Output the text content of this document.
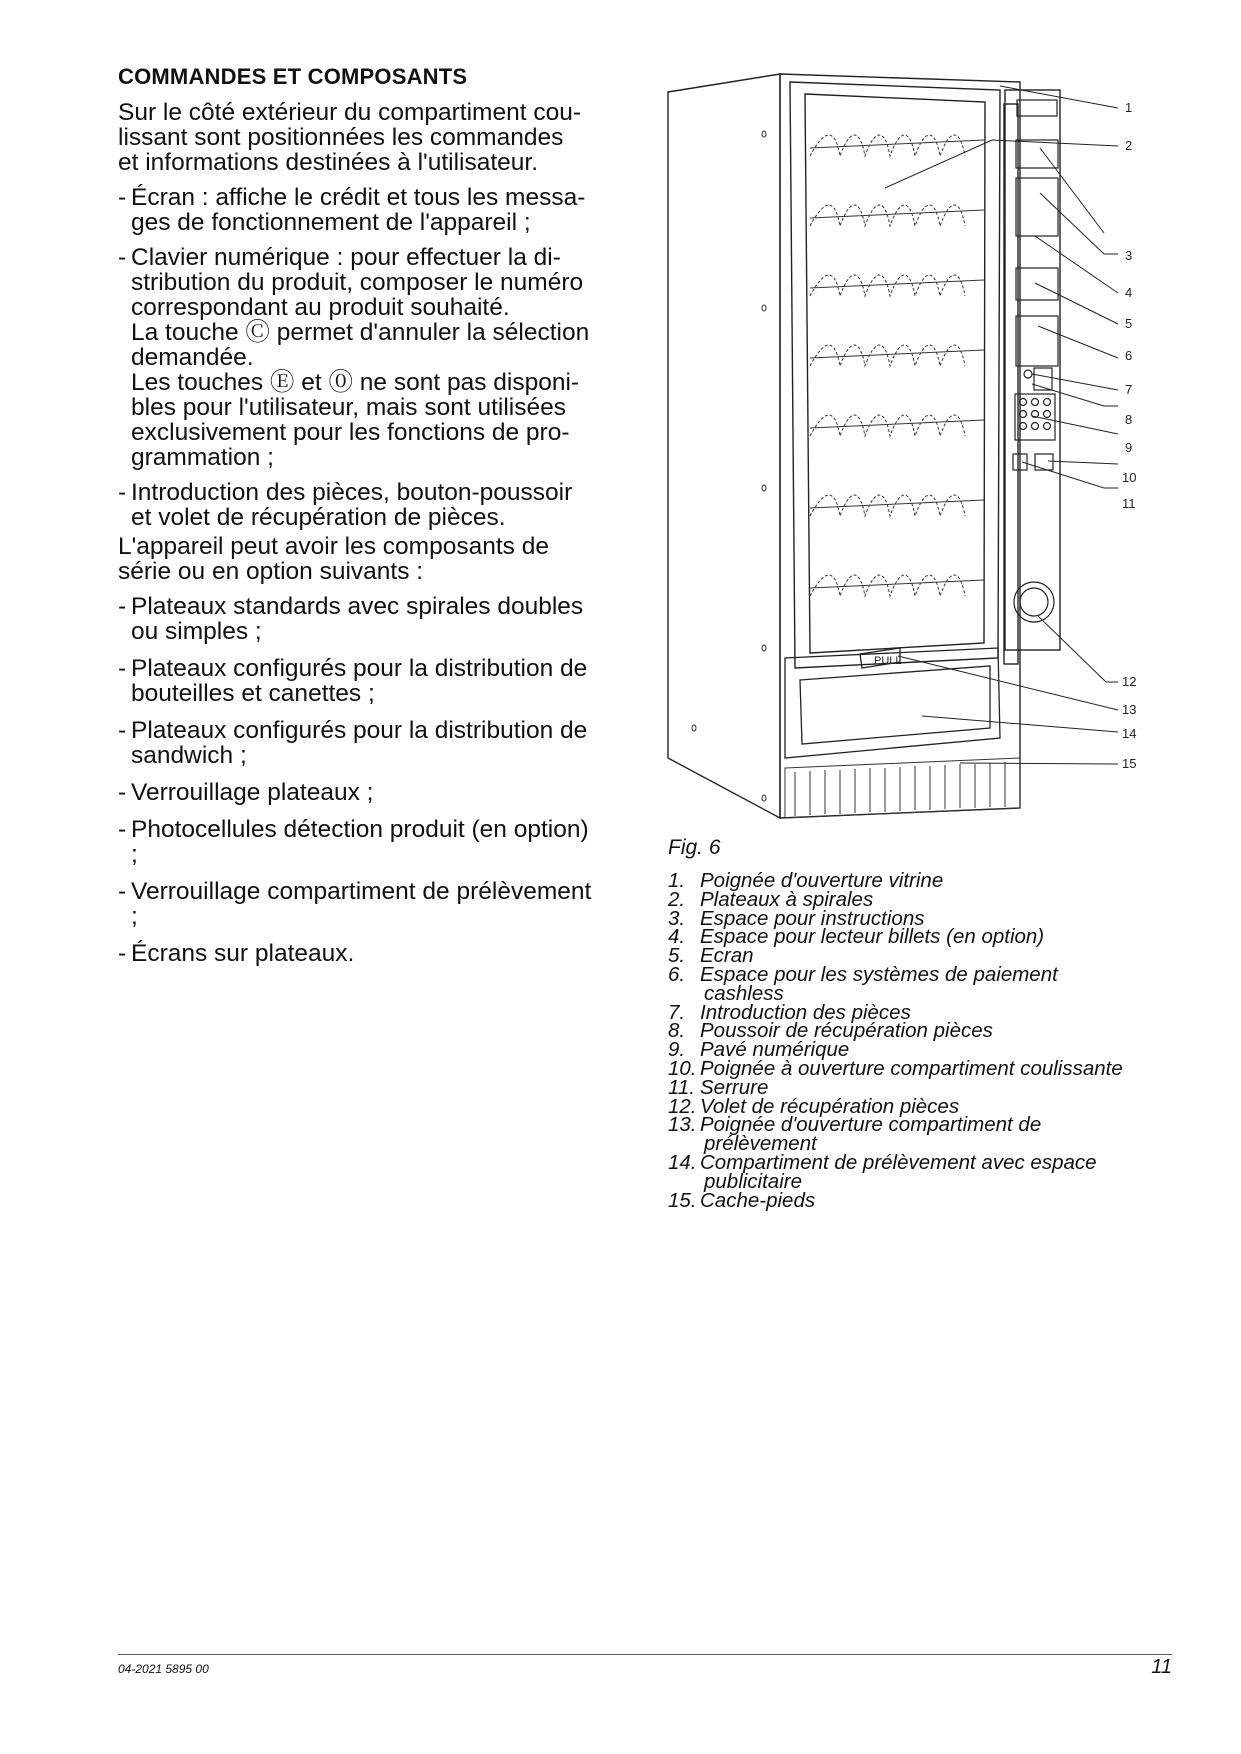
COMMANDES ET COMPOSANTS
Sur le côté extérieur du compartiment cou-
lissant sont positionnées les commandes
et informations destinées à l'utilisateur.
- Écran : affiche le crédit et tous les messa-
ges de fonctionnement de l'appareil ;
- Clavier numérique : pour effectuer la di-
stribution du produit, composer le numéro
correspondant au produit souhaité.
La touche Ⓒ permet d'annuler la sélection
demandée.
Les touches Ⓔ et ⓪ ne sont pas disponi-
bles pour l'utilisateur, mais sont utilisées
exclusivement pour les fonctions de pro-
grammation ;
- Introduction des pièces, bouton-poussoir
et volet de récupération de pièces.
L'appareil peut avoir les composants de
série ou en option suivants :
- Plateaux standards avec spirales doubles
ou simples ;
- Plateaux configurés pour la distribution de
bouteilles et canettes ;
- Plateaux configurés pour la distribution de
sandwich ;
- Verrouillage plateaux ;
- Photocellules détection produit (en option)
;
- Verrouillage compartiment de prélèvement
;
- Écrans sur plateaux.
PULL
1
2
3
4
5
6
7
8
9
10
11
12
13
14
15
Fig. 6
1. Poignée d'ouverture vitrine
2. Plateaux à spirales
3. Espace pour instructions
4. Espace pour lecteur billets (en option)
5. Ecran
6. Espace pour les systèmes de paiement
cashless
7. Introduction des pièces
8. Poussoir de récupération pièces
9. Pavé numérique
10. Poignée à ouverture compartiment coulissante
11. Serrure
12. Volet de récupération pièces
13. Poignée d'ouverture compartiment de
prélèvement
14. Compartiment de prélèvement avec espace
publicitaire
15. Cache-pieds
04-2021 5895 00	11
